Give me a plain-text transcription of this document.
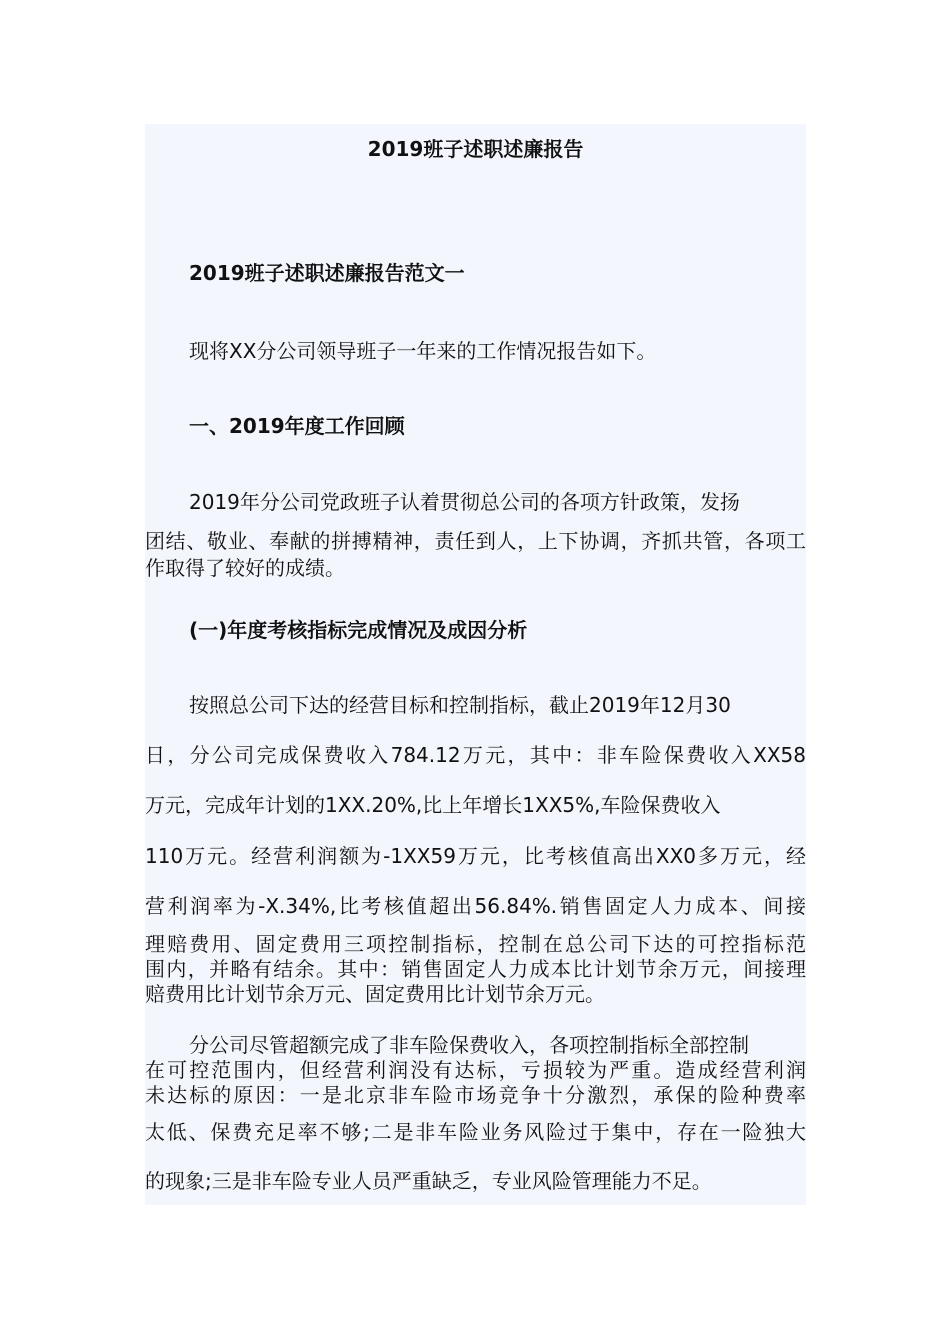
2019班子述职述廉报告
2019班子述职述廉报告范文一
现将XX分公司领导班子一年来的工作情况报告如下。
一、2019年度工作回顾
2019年分公司党政班子认着贯彻总公司的各项方针政策，发扬
团结、敬业、奉献的拼搏精神，责任到人，上下协调，齐抓共管，各项工
作取得了较好的成绩。
(一)年度考核指标完成情况及成因分析
按照总公司下达的经营目标和控制指标，截止2019年12月30
日，分公司完成保费收入784.12万元，其中：非车险保费收入XX58
万元，完成年计划的1XX.20%,比上年增长1XX5%,车险保费收入
110万元。经营利润额为-1XX59万元，比考核值高出XX0多万元，经
营利润率为-X.34%,比考核值超出56.84%.销售固定人力成本、间接
理赔费用、固定费用三项控制指标，控制在总公司下达的可控指标范
围内，并略有结余。其中：销售固定人力成本比计划节余万元，间接理
赔费用比计划节余万元、固定费用比计划节余万元。
分公司尽管超额完成了非车险保费收入，各项控制指标全部控制
在可控范围内，但经营利润没有达标，亏损较为严重。造成经营利润
未达标的原因：一是北京非车险市场竞争十分激烈，承保的险种费率
太低、保费充足率不够;二是非车险业务风险过于集中，存在一险独大
的现象;三是非车险专业人员严重缺乏，专业风险管理能力不足。
